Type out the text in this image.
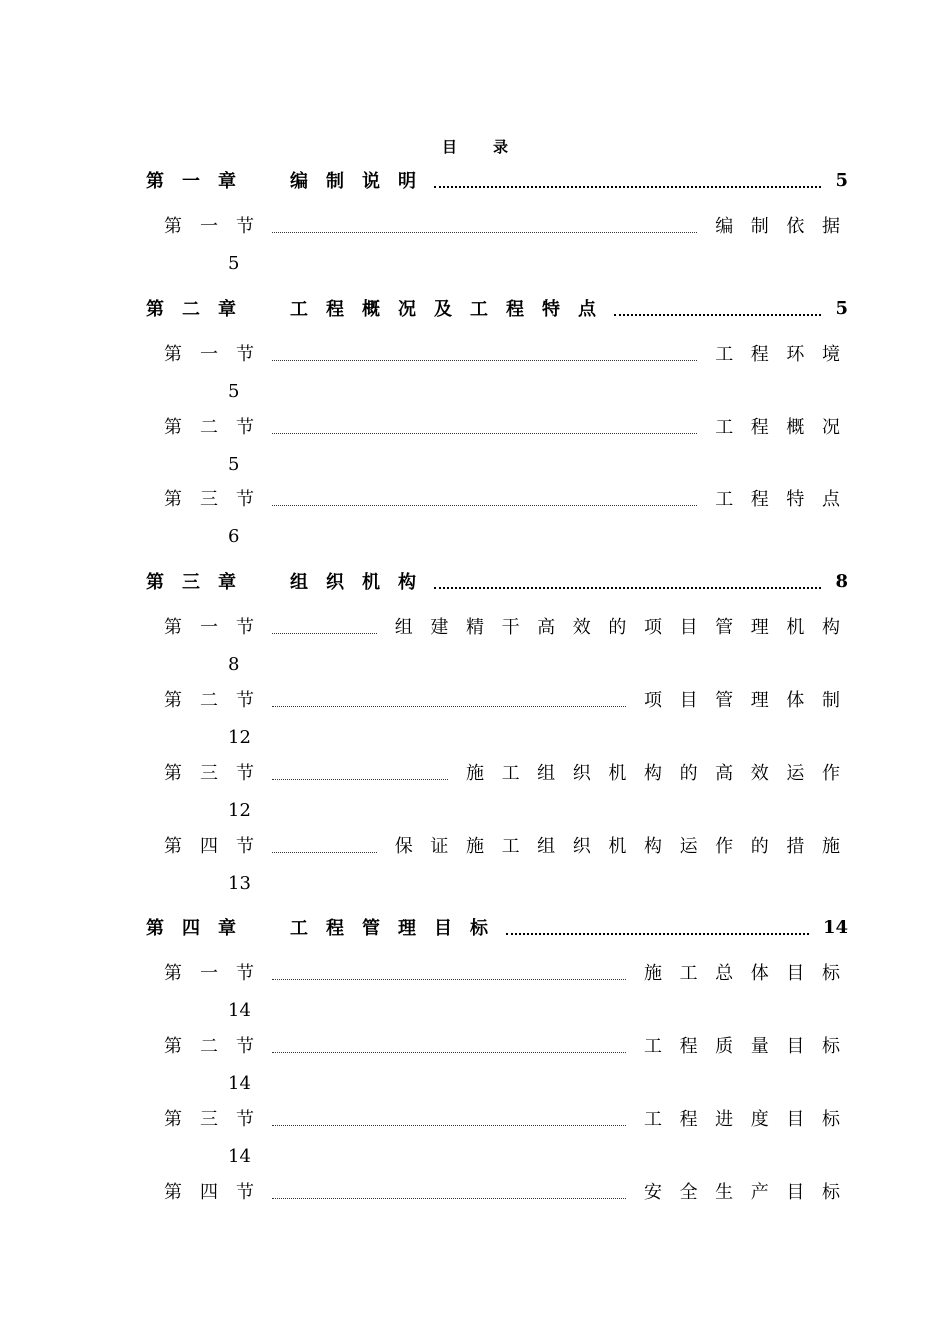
目录
第一章 编制说明	5
第一节	编制依据
5
第二章 工程概况及工程特点	5
第一节	工程环境
5
第二节	工程概况
5
第三节	工程特点
6
第三章 组织机构	8
第一节	组建精干高效的项目管理机构
8
第二节	项目管理体制
12
第三节	施工组织机构的高效运作
12
第四节	保证施工组织机构运作的措施
13
第四章 工程管理目标	14
第一节	施工总体目标
14
第二节	工程质量目标
14
第三节	工程进度目标
14
第四节	安全生产目标
